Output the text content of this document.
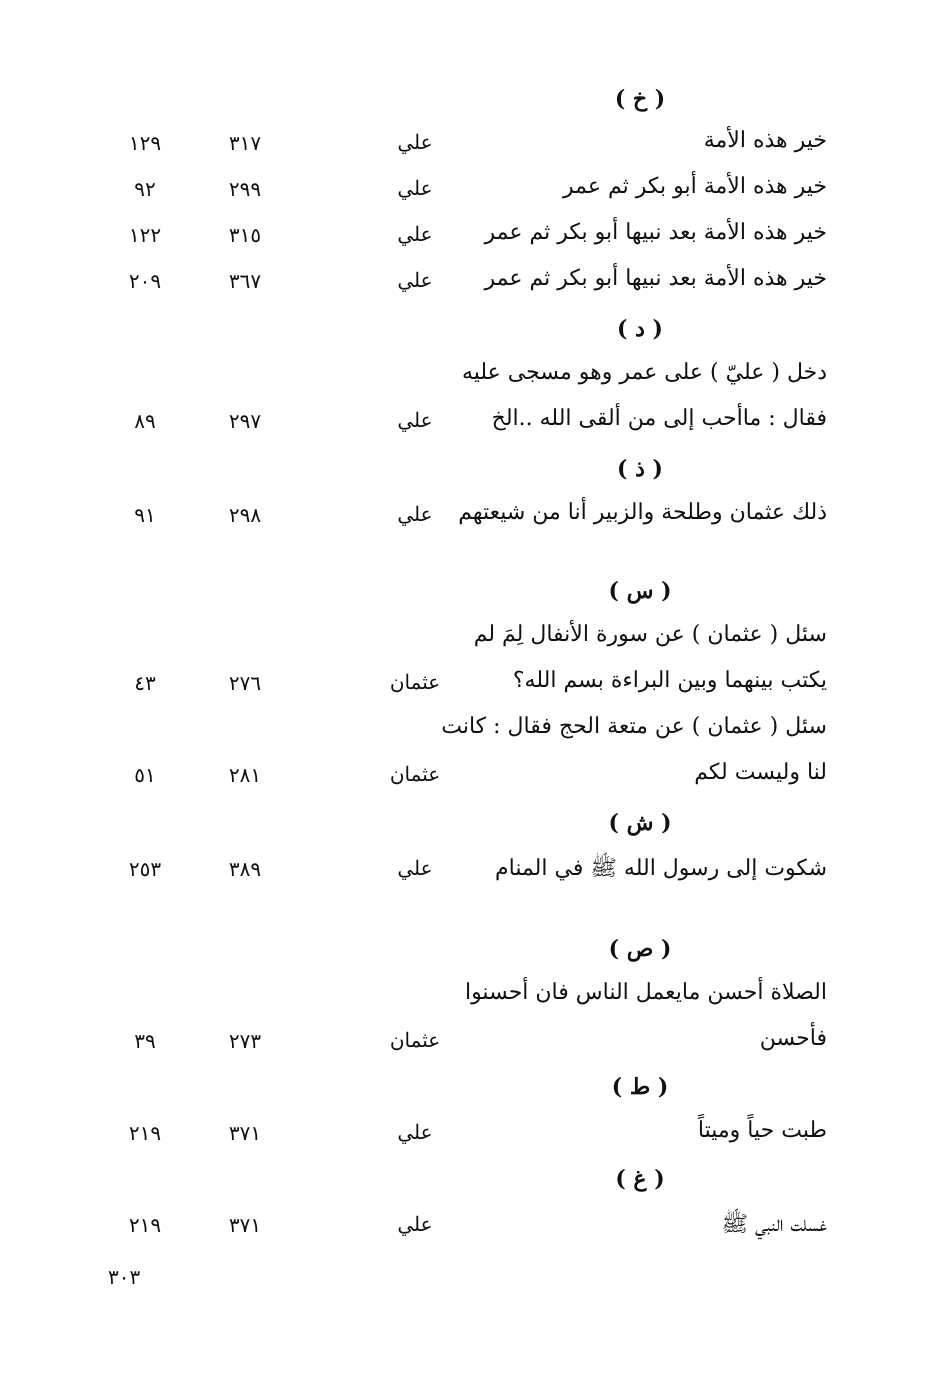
( خ )
خير هذه الأمة
علي
٣١٧
١٢٩
خير هذه الأمة أبو بكر ثم عمر
علي
٢٩٩
٩٢
خير هذه الأمة بعد نبيها أبو بكر ثم عمر
علي
٣١٥
١٢٢
خير هذه الأمة بعد نبيها أبو بكر ثم عمر
علي
٣٦٧
٢٠٩
( د )
دخل ( عليّ ) على عمر وهو مسجى عليه
فقال : ماأحب إلى من ألقى الله ..الخ
علي
٢٩٧
٨٩
( ذ )
ذلك عثمان وطلحة والزبير أنا من شيعتهم
علي
٢٩٨
٩١
( س )
سئل ( عثمان ) عن سورة الأنفال لِمَ لم
يكتب بينهما وبين البراءة بسم الله؟
عثمان
٢٧٦
٤٣
سئل ( عثمان ) عن متعة الحج فقال : كانت
لنا وليست لكم
عثمان
٢٨١
٥١
( ش )
شكوت إلى رسول الله ﷺ في المنام
علي
٣٨٩
٢٥٣
( ص )
الصلاة أحسن مايعمل الناس فان أحسنوا
فأحسن
عثمان
٢٧٣
٣٩
( ط )
طبت حياً وميتاً
علي
٣٧١
٢١٩
( غ )
غسلت النبي ﷺ
علي
٣٧١
٢١٩
٣٠٣
